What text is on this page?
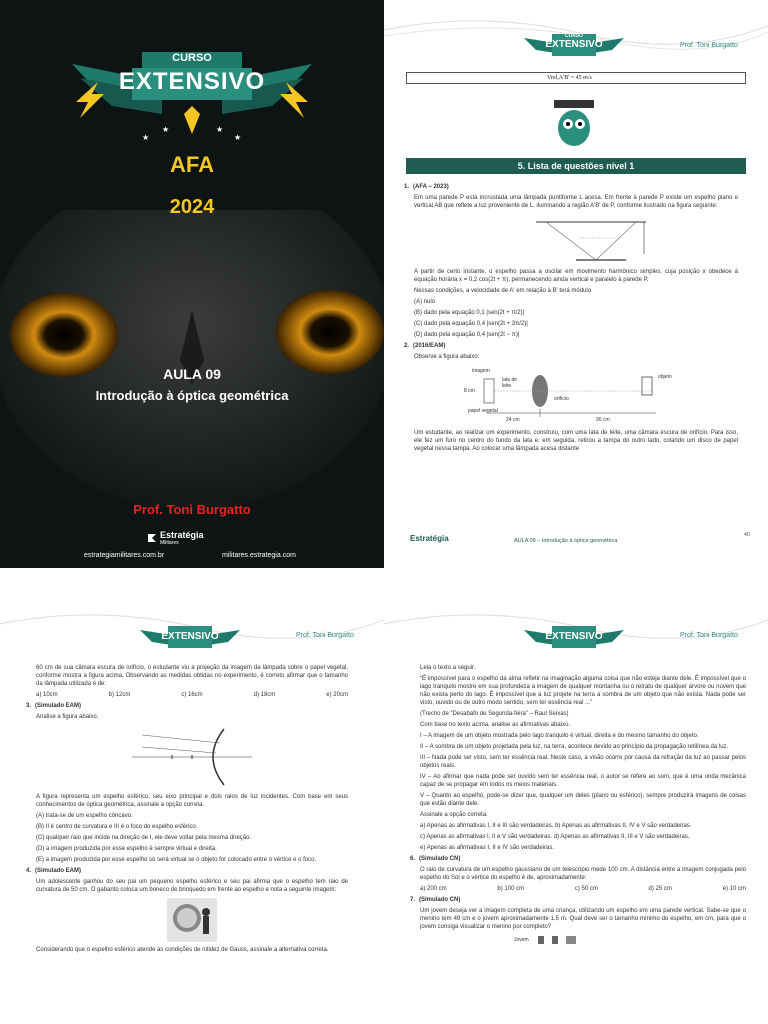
★	★
★	★
CURSO
EXTENSIVO
AFA
2024
AULA 09
Introdução à óptica geométrica
Prof. Toni Burgatto
Estratégia
Militares
estrategiamilitares.com.br	militares.estrategia.com
CURSO
EXTENSIVO	Prof. Toni Burgatto
Vrel,A'B' = 45 m/s
PRATICAR
5. Lista de questões nível 1
1. (AFA – 2023)

Em uma parede P está incrustada uma lâmpada puntiforme L acesa. Em frente à parede P existe um espelho plano e vertical AB que reflete a luz proveniente de L, iluminando a região A'B' de P, conforme ilustrado na figura seguinte:

A partir de certo instante, o espelho passa a oscilar em movimento harmônico simples, cuja posição x obedece à equação horária x = 0,2 cos(2t + π), permanecendo ainda vertical e paralelo à parede P.

Nessas condições, a velocidade de A' em relação à B' terá módulo

(A) nulo

(B) dado pela equação 0,1 |sen(2t + π/2)|

(C) dado pela equação 0,4 |sen(2t + 3π/2)|

(D) dado pela equação 0,4 |sen(2t − π)|

2. (2016/EAM)

Observe a figura abaixo:

imagem
8 cm
lata de leite
orifício
objeto
papel vegetal
24 cm	90 cm

Um estudante, ao realizar um experimento, construiu, com uma lata de leite, uma câmara escura de orifício. Para isso, ele fez um furo no centro do fundo da lata e, em seguida, retirou a tampa do outro lado, colando um disco de papel vegetal nessa tampa. Ao colocar uma lâmpada acesa distante

Estratégia	AULA 09 – Introdução à óptica geométrica
40
EXTENSIVO	Prof. Toni Burgatto

60 cm de sua câmara escura de orifício, o estudante viu a projeção da imagem da lâmpada sobre o papel vegetal, conforme mostra a figura acima. Observando as medidas obtidas no experimento, é correto afirmar que o tamanho da lâmpada utilizada é de:

a) 10cm	b) 12cm	c) 16cm	d) 18cm	e) 20cm
3. (Simulado EAM)

Analise a figura abaixo.

A figura representa um espelho esférico, seu eixo principal e dois raios de luz incidentes. Com base em seus conhecimentos de óptica geométrica, assinale a opção correta.

(A) trata-se de um espelho côncavo.

(B) II é centro de curvatura e III é o foco do espelho esférico.

(C) qualquer raio que incide na direção de I, ele deve voltar pela mesma direção.

(D) a imagem produzida por esse espelho é sempre virtual e direita.

(E) a imagem produzida por esse espelho só será virtual se o objeto for colocado entre o vértice e o foco.

4. (Simulado EAM)

Um adolescente ganhou do seu pai um pequeno espelho esférico e seu pai afirma que o espelho tem raio de curvatura de 50 cm. O gabarito coloca um boneco de brinquedo em frente ao espelho e nota a seguinte imagem:

Considerando que o espelho esférico atende as condições de nitidez de Gauss, assinale a alternativa correta.

EXTENSIVO	Prof. Toni Burgatto

Leia o texto a seguir.

“É impossível para o espelho da alma refletir na imaginação alguma coisa que não esteja diante dele. É impossível que o lago tranquilo mostre em sua profundeza a imagem de qualquer montanha ou o retrato de qualquer árvore ou nuvem que não exista perto do lago. É impossível que a luz projete na terra a sombra de um objeto que não exista. Nada pode ser visto, ouvido ou de outro modo sentido, sem ter essência real ...”

(Trecho de “Desabafo de Segunda-feira” – Raul Seixas)

Com base no texto acima, analise as afirmativas abaixo.

I – A imagem de um objeto mostrada pelo lago tranquilo é virtual, direita e do mesmo tamanho do objeto.

II – A sombra de um objeto projetada pela luz, na terra, acontece devido ao princípio da propagação retilínea da luz.

III – Nada pode ser visto, sem ter essência real. Neste caso, a visão ocorre por causa da refração da luz ao passar pelos objetos reais.

IV – Ao afirmar que nada pode ser ouvido sem ter essência real, o autor se refere ao som, que é uma onda mecânica capaz de se propagar em todos os meios materiais.

V – Quanto ao espelho, pode-se dizer que, qualquer um deles (plano ou esférico), sempre produzirá imagens de coisas que estão diante dele.

Assinale a opção correta.

a) Apenas as afirmativas I, II e III são verdadeiras. b) Apenas as afirmativas II, IV e V são verdadeiras.

c) Apenas as afirmativas I, II e V são verdadeiras. d) Apenas as afirmativas II, III e V são verdadeiras.

e) Apenas as afirmativas I, II e IV são verdadeiras.

6. (Simulado CN)

O raio de curvatura de um espelho gaussiano de um telescópio mede 100 cm. A distância entre a imagem conjugada pelo espelho do Sol e o vértice do espelho é de, aproximadamente:

a) 200 cm	b) 100 cm	c) 50 cm	d) 25 cm	e) 10 cm
7. (Simulado CN)

Um jovem deseja ver a imagem completa de uma criança, utilizando um espelho em uma parede vertical. Sabe-se que o menino tem 49 cm e o jovem aproximadamente 1,5 m. Qual deve ser o tamanho mínimo do espelho, em cm, para que o jovem consiga visualizar o menino por completo?

Jovem
